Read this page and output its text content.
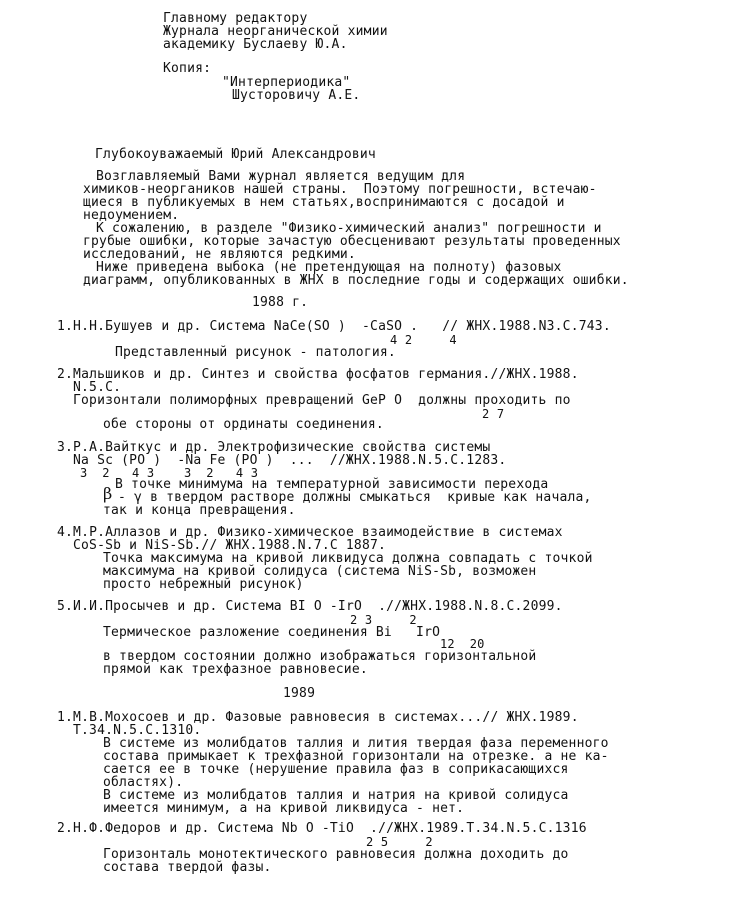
Главному редактору
Журнала неорганической химии
академику Буслаеву Ю.А.
Копия:
"Интерпериодика"
Шусторовичу А.Е.
Глубокоуважаемый Юрий Александрович
Возглавляемый Вами журнал является ведущим для
химиков-неоргаников нашей страны.  Поэтому погрешности, встечаю-
щиеся в публикуемых в нем статьях,воспринимаются с досадой и
недоумением.
К сожалению, в разделе "Физико-химический анализ" погрешности и
грубые ошибки, которые зачастую обесценивают результаты проведенных
исследований, не являются редкими.
Ниже приведена выбока (не претендующая на полноту) фазовых
диаграмм, опубликованных в ЖНХ в последние годы и содержащих ошибки.
1988 г.
1.Н.Н.Бушуев и др. Система NaCe(SO )  -CaSO .   // ЖНХ.1988.N3.С.743.
4 2     4
Представленный рисунок - патология.
2.Мальшиков и др. Синтез и свойства фосфатов германия.//ЖНХ.1988.
N.5.С.
Горизонтали полиморфных превращений GeP O  должны проходить по
2 7
обе стороны от ординаты соединения.
3.Р.А.Вайткус и др. Электрофизические свойства системы
Na Sc (PO )  -Na Fe (PO )  ...  //ЖНХ.1988.N.5.С.1283.
3  2   4 3    3  2   4 3
В точке минимума на температурной зависимости перехода
β - γ в твердом растворе должны смыкаться  кривые как начала,
так и конца превращения.
4.М.Р.Аллазов и др. Физико-химическое взаимодействие в системах
CoS-Sb и NiS-Sb.// ЖНХ.1988.N.7.С 1887.
Точка максимума на кривой ликвидуса должна совпадать с точкой
максимума на кривой солидуса (система NiS-Sb, возможен
просто небрежный рисунок)
5.И.И.Просычев и др. Система BI O -IrO  .//ЖНХ.1988.N.8.С.2099.
2 3     2
Термическое разложение соединения Bi   IrO
12  20
в твердом состоянии должно изображаться горизонтальной
прямой как трехфазное равновесие.
1989
1.М.В.Мохосоев и др. Фазовые равновесия в системах...// ЖНХ.1989.
Т.34.N.5.С.1310.
В системе из молибдатов таллия и лития твердая фаза переменного
состава примыкает к трехфазной горизонтали на отрезке. а не ка-
сается ее в точке (нерушение правила фаз в соприкасающихся
областях).
В системе из молибдатов таллия и натрия на кривой солидуса
имеется минимум, а на кривой ликвидуса - нет.
2.Н.Ф.Федоров и др. Система Nb O -TiO  .//ЖНХ.1989.Т.34.N.5.С.1316
2 5     2
Горизонталь монотектического равновесия должна доходить до
состава твердой фазы.
